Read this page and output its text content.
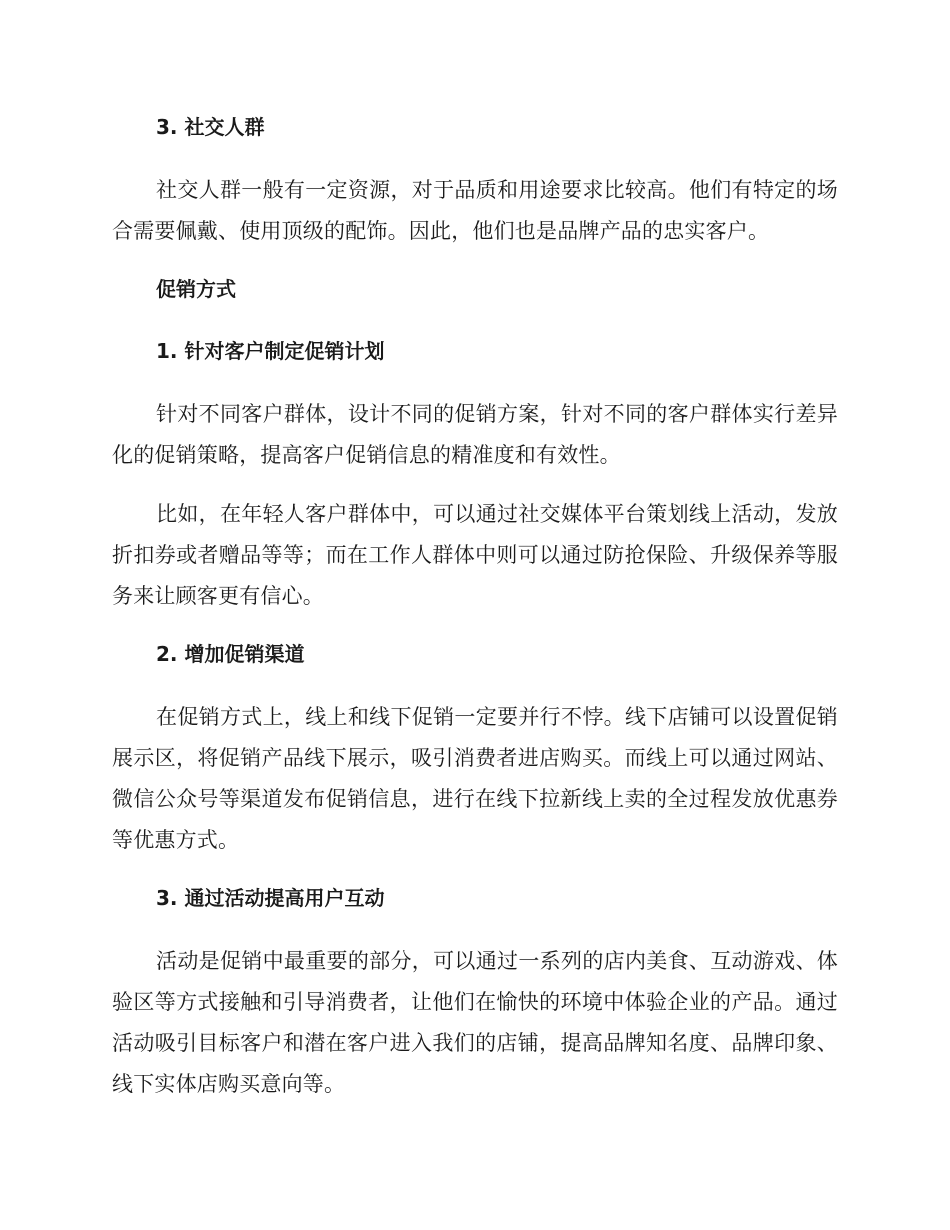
3. 社交人群

社交人群一般有一定资源，对于品质和用途要求比较高。他们有特定的场合需要佩戴、使用顶级的配饰。因此，他们也是品牌产品的忠实客户。

促销方式
1. 针对客户制定促销计划

针对不同客户群体，设计不同的促销方案，针对不同的客户群体实行差异化的促销策略，提高客户促销信息的精准度和有效性。

比如，在年轻人客户群体中，可以通过社交媒体平台策划线上活动，发放折扣券或者赠品等等；而在工作人群体中则可以通过防抢保险、升级保养等服务来让顾客更有信心。

2. 增加促销渠道

在促销方式上，线上和线下促销一定要并行不悖。线下店铺可以设置促销展示区，将促销产品线下展示，吸引消费者进店购买。而线上可以通过网站、微信公众号等渠道发布促销信息，进行在线下拉新线上卖的全过程发放优惠券等优惠方式。

3. 通过活动提高用户互动

活动是促销中最重要的部分，可以通过一系列的店内美食、互动游戏、体验区等方式接触和引导消费者，让他们在愉快的环境中体验企业的产品。通过活动吸引目标客户和潜在客户进入我们的店铺，提高品牌知名度、品牌印象、线下实体店购买意向等。
